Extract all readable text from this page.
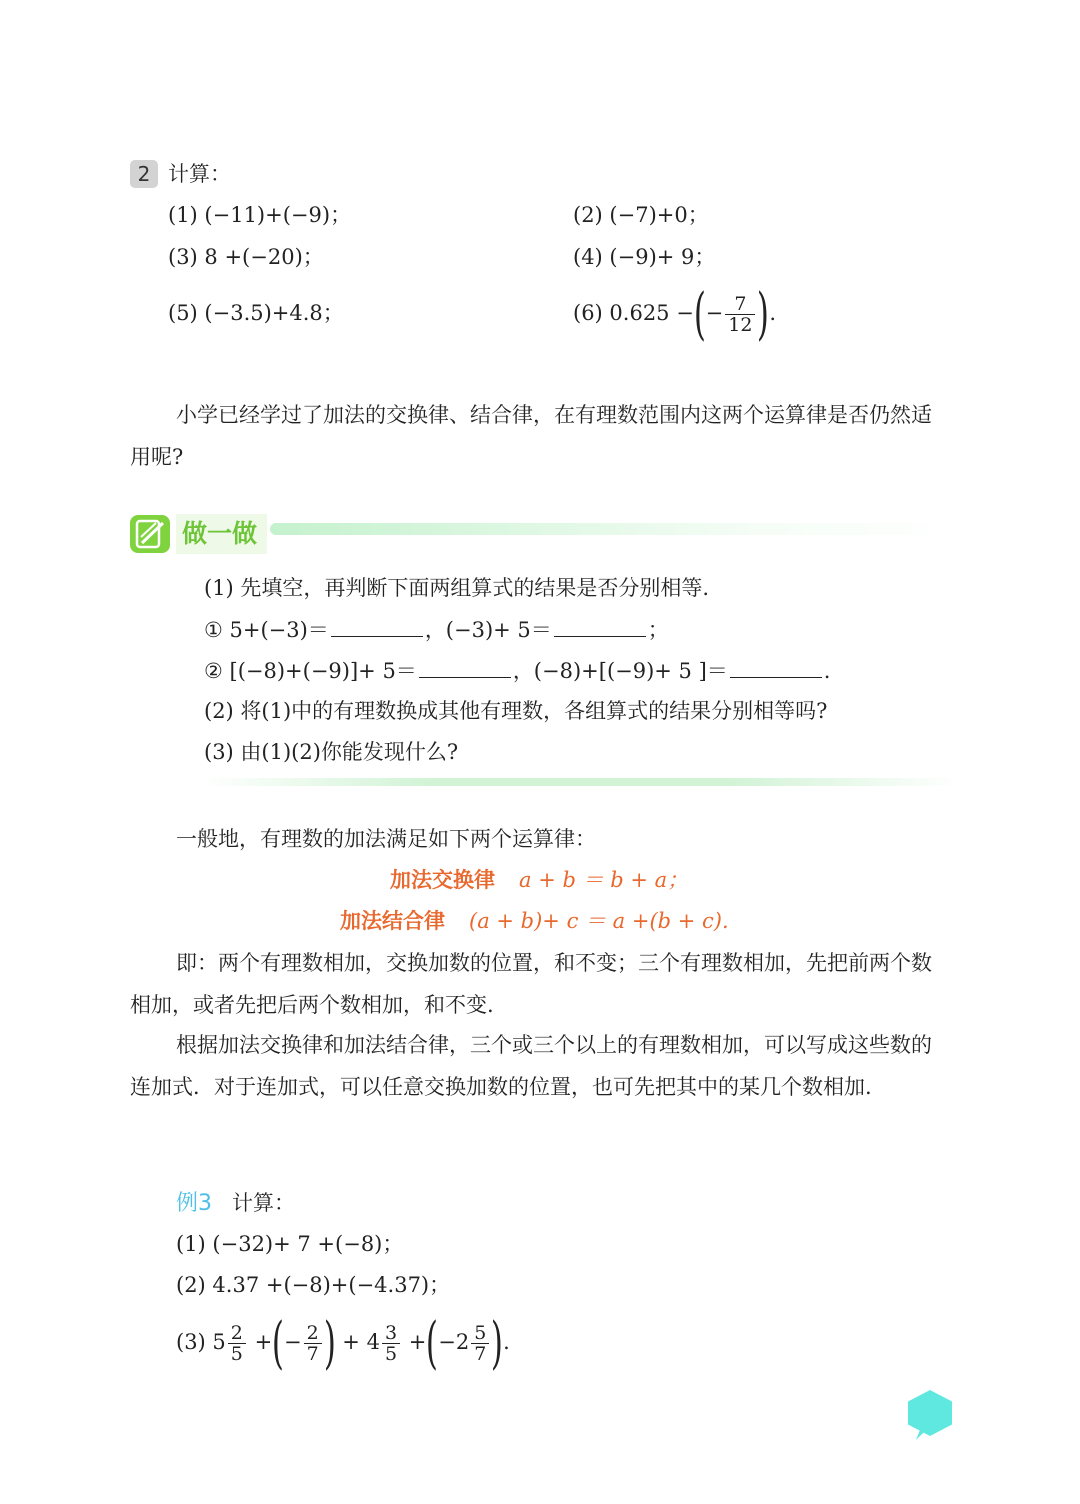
2 计算：
(1) (−11)+(−9)；	(2) (−7)+0；
(3) 8 +(−20)；	(4) (−9)+ 9；
(5) (−3.5)+4.8；	(6) 0.625 −(− $\frac{7}{12}$ ).
小学已经学过了加法的交换律、结合律，在有理数范围内这两个运算律是否仍然适用呢?
做一做
(1) 先填空，再判断下面两组算式的结果是否分别相等.
① 5+(−3)＝	，(−3)+ 5＝	；
② [(−8)+(−9)]+ 5＝	，(−8)+[(−9)+ 5 ]＝	.
(2) 将(1)中的有理数换成其他有理数，各组算式的结果分别相等吗?
(3) 由(1)(2)你能发现什么?
一般地，有理数的加法满足如下两个运算律：
加法交换律 a + b ＝ b + a；
加法结合律 (a + b)+ c ＝ a +(b + c).
即：两个有理数相加，交换加数的位置，和不变；三个有理数相加，先把前两个数相加，或者先把后两个数相加，和不变.
根据加法交换律和加法结合律，三个或三个以上的有理数相加，可以写成这些数的连加式．对于连加式，可以任意交换加数的位置，也可先把其中的某几个数相加.
例3 计算：
(1) (−32)+ 7 +(−8)；
(2) 4.37 +(−8)+(−4.37)；
(3) $5 \frac{2}{5}$ +(− $\frac{2}{7}$ ) + $4 \frac{3}{5} +(-2 \frac{5}{7}$ ).
